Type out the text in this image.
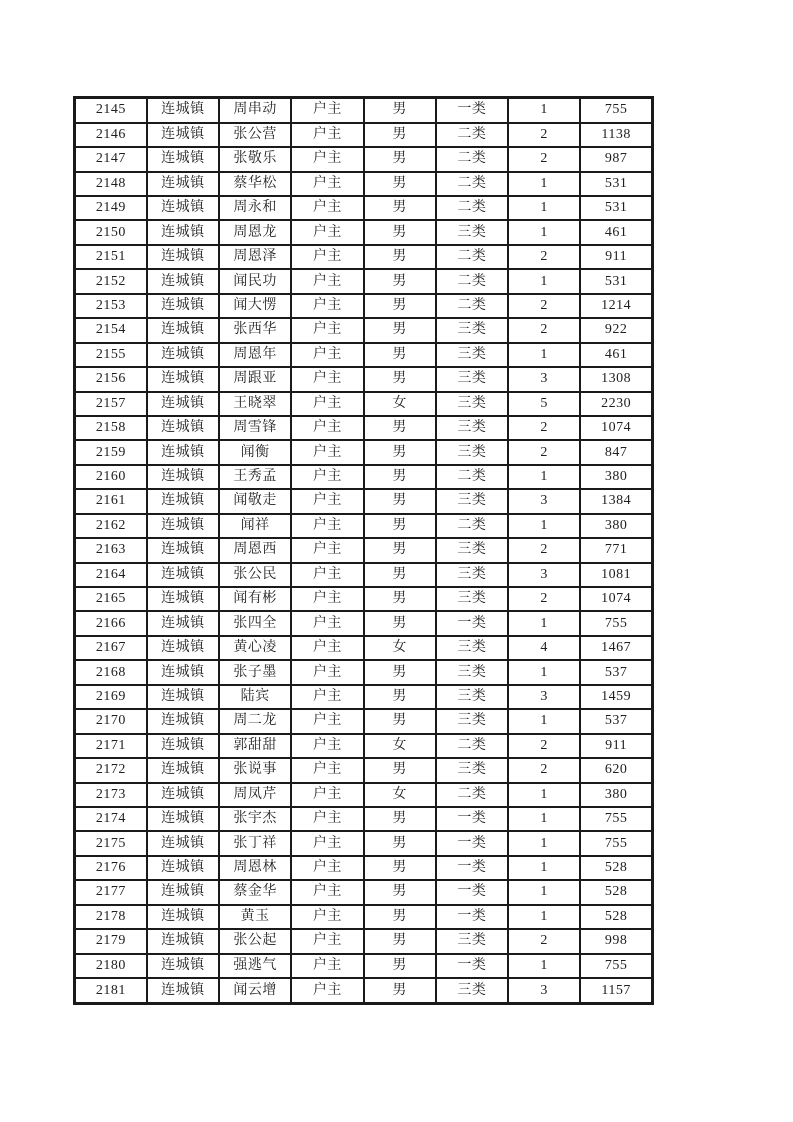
2145	连城镇	周串动	户主	男	一类	1	755
2146	连城镇	张公营	户主	男	二类	2	1138
2147	连城镇	张敬乐	户主	男	二类	2	987
2148	连城镇	蔡华松	户主	男	二类	1	531
2149	连城镇	周永和	户主	男	二类	1	531
2150	连城镇	周恩龙	户主	男	三类	1	461
2151	连城镇	周恩泽	户主	男	二类	2	911
2152	连城镇	闻民功	户主	男	二类	1	531
2153	连城镇	闻大愣	户主	男	二类	2	1214
2154	连城镇	张西华	户主	男	三类	2	922
2155	连城镇	周恩年	户主	男	三类	1	461
2156	连城镇	周跟亚	户主	男	三类	3	1308
2157	连城镇	王晓翠	户主	女	三类	5	2230
2158	连城镇	周雪锋	户主	男	三类	2	1074
2159	连城镇	闻衡	户主	男	三类	2	847
2160	连城镇	王秀孟	户主	男	二类	1	380
2161	连城镇	闻敬走	户主	男	三类	3	1384
2162	连城镇	闻祥	户主	男	二类	1	380
2163	连城镇	周恩西	户主	男	三类	2	771
2164	连城镇	张公民	户主	男	三类	3	1081
2165	连城镇	闻有彬	户主	男	三类	2	1074
2166	连城镇	张四全	户主	男	一类	1	755
2167	连城镇	黄心凌	户主	女	三类	4	1467
2168	连城镇	张子墨	户主	男	三类	1	537
2169	连城镇	陆宾	户主	男	三类	3	1459
2170	连城镇	周二龙	户主	男	三类	1	537
2171	连城镇	郭甜甜	户主	女	二类	2	911
2172	连城镇	张说事	户主	男	三类	2	620
2173	连城镇	周凤芹	户主	女	二类	1	380
2174	连城镇	张宇杰	户主	男	一类	1	755
2175	连城镇	张丁祥	户主	男	一类	1	755
2176	连城镇	周恩林	户主	男	一类	1	528
2177	连城镇	蔡金华	户主	男	一类	1	528
2178	连城镇	黄玉	户主	男	一类	1	528
2179	连城镇	张公起	户主	男	三类	2	998
2180	连城镇	强逃气	户主	男	一类	1	755
2181	连城镇	闻云增	户主	男	三类	3	1157
